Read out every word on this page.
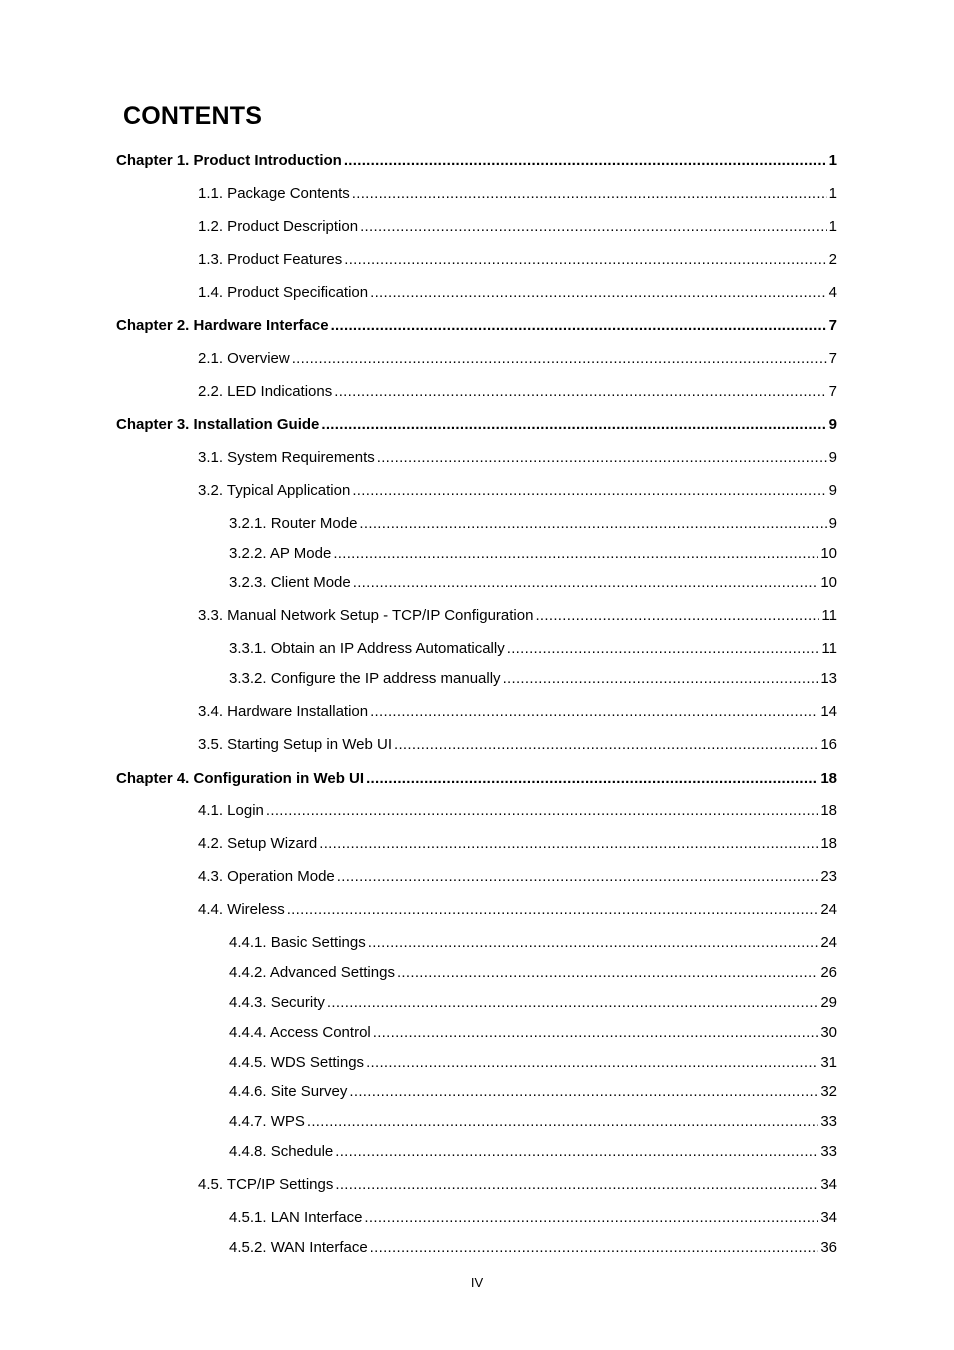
CONTENTS
Chapter 1. Product Introduction .....	1
1.1. Package Contents .....	1
1.2. Product Description .....	1
1.3. Product Features .....	2
1.4. Product Specification .....	4
Chapter 2. Hardware Interface .....	7
2.1. Overview .....	7
2.2. LED Indications .....	7
Chapter 3. Installation Guide .....	9
3.1. System Requirements .....	9
3.2. Typical Application .....	9
3.2.1. Router Mode .....	9
3.2.2. AP Mode .....	10
3.2.3. Client Mode .....	10
3.3. Manual Network Setup - TCP/IP Configuration .....	11
3.3.1. Obtain an IP Address Automatically .....	11
3.3.2. Configure the IP address manually .....	13
3.4. Hardware Installation .....	14
3.5. Starting Setup in Web UI .....	16
Chapter 4. Configuration in Web UI .....	18
4.1. Login .....	18
4.2. Setup Wizard .....	18
4.3. Operation Mode .....	23
4.4. Wireless .....	24
4.4.1. Basic Settings .....	24
4.4.2. Advanced Settings .....	26
4.4.3. Security .....	29
4.4.4. Access Control .....	30
4.4.5. WDS Settings .....	31
4.4.6. Site Survey .....	32
4.4.7. WPS .....	33
4.4.8. Schedule .....	33
4.5. TCP/IP Settings .....	34
4.5.1. LAN Interface .....	34
4.5.2. WAN Interface .....	36
IV
